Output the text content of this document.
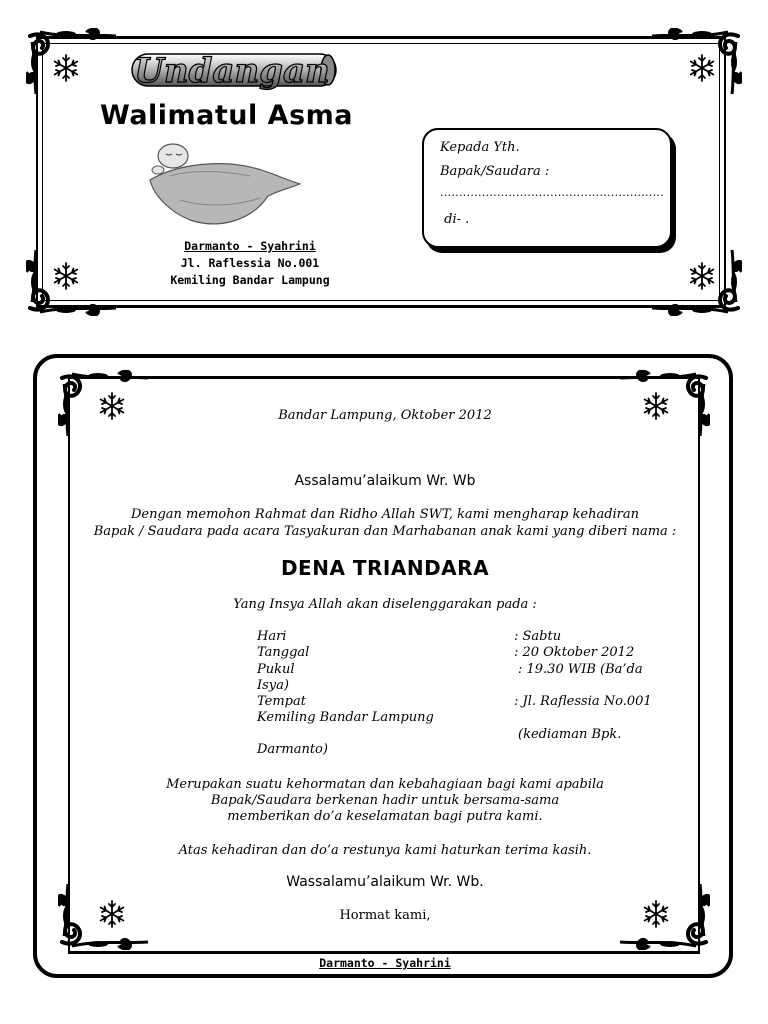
Undangan
Walimatul Asma
Darmanto - Syahrini
Jl. Raflessia No.001
Kemiling Bandar Lampung
Kepada Yth.
Bapak/Saudara :
...........................................................
di- .
Bandar Lampung, Oktober 2012
Assalamu’alaikum Wr. Wb
Dengan memohon Rahmat dan Ridho Allah SWT, kami mengharap kehadiran
Bapak / Saudara pada acara Tasyakuran dan Marhabanan anak kami yang diberi nama :
DENA TRIANDARA
Yang Insya Allah akan diselenggarakan pada :
Hari	: Sabtu
Tanggal	: 20 Oktober 2012
Pukul	: 19.30 WIB (Ba’da
Isya)
Tempat	: Jl. Raflessia No.001
Kemiling Bandar Lampung
(kediaman Bpk.
Darmanto)
Merupakan suatu kehormatan dan kebahagiaan bagi kami apabila
Bapak/Saudara berkenan hadir untuk bersama-sama
memberikan do’a keselamatan bagi putra kami.
Atas kehadiran dan do’a restunya kami haturkan terima kasih.
Wassalamu’alaikum Wr. Wb.
Hormat kami,
Darmanto - Syahrini
